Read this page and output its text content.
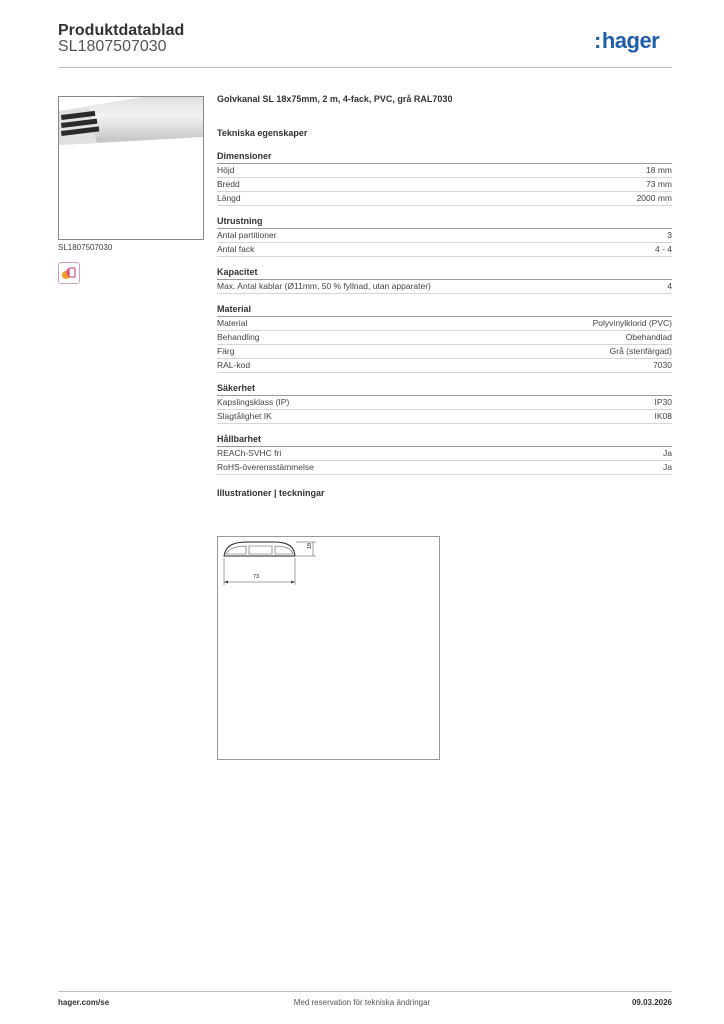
Produktdatablad
SL1807507030	:hager
SL1807507030
Golvkanal SL 18x75mm, 2 m, 4-fack, PVC, grå RAL7030
Tekniska egenskaper
Dimensioner
Höjd	18 mm
Bredd	73 mm
Längd	2000 mm
Utrustning
Antal partitioner	3
Antal fack	4 - 4
Kapacitet
Max. Antal kablar (Ø11mm, 50 % fyllnad, utan apparater)	4
Material
Material	Polyvinylklorid (PVC)
Behandling	Obehandlad
Färg	Grå (stenfärgad)
RAL-kod	7030
Säkerhet
Kapslingsklass (IP)	IP30
Slagtålighet IK	IK08
Hållbarhet
REACh-SVHC fri	Ja
RoHS-överensstämmelse	Ja
Illustrationer | teckningar
73
18
hager.com/se	Med reservation för tekniska ändringar	09.03.2026
